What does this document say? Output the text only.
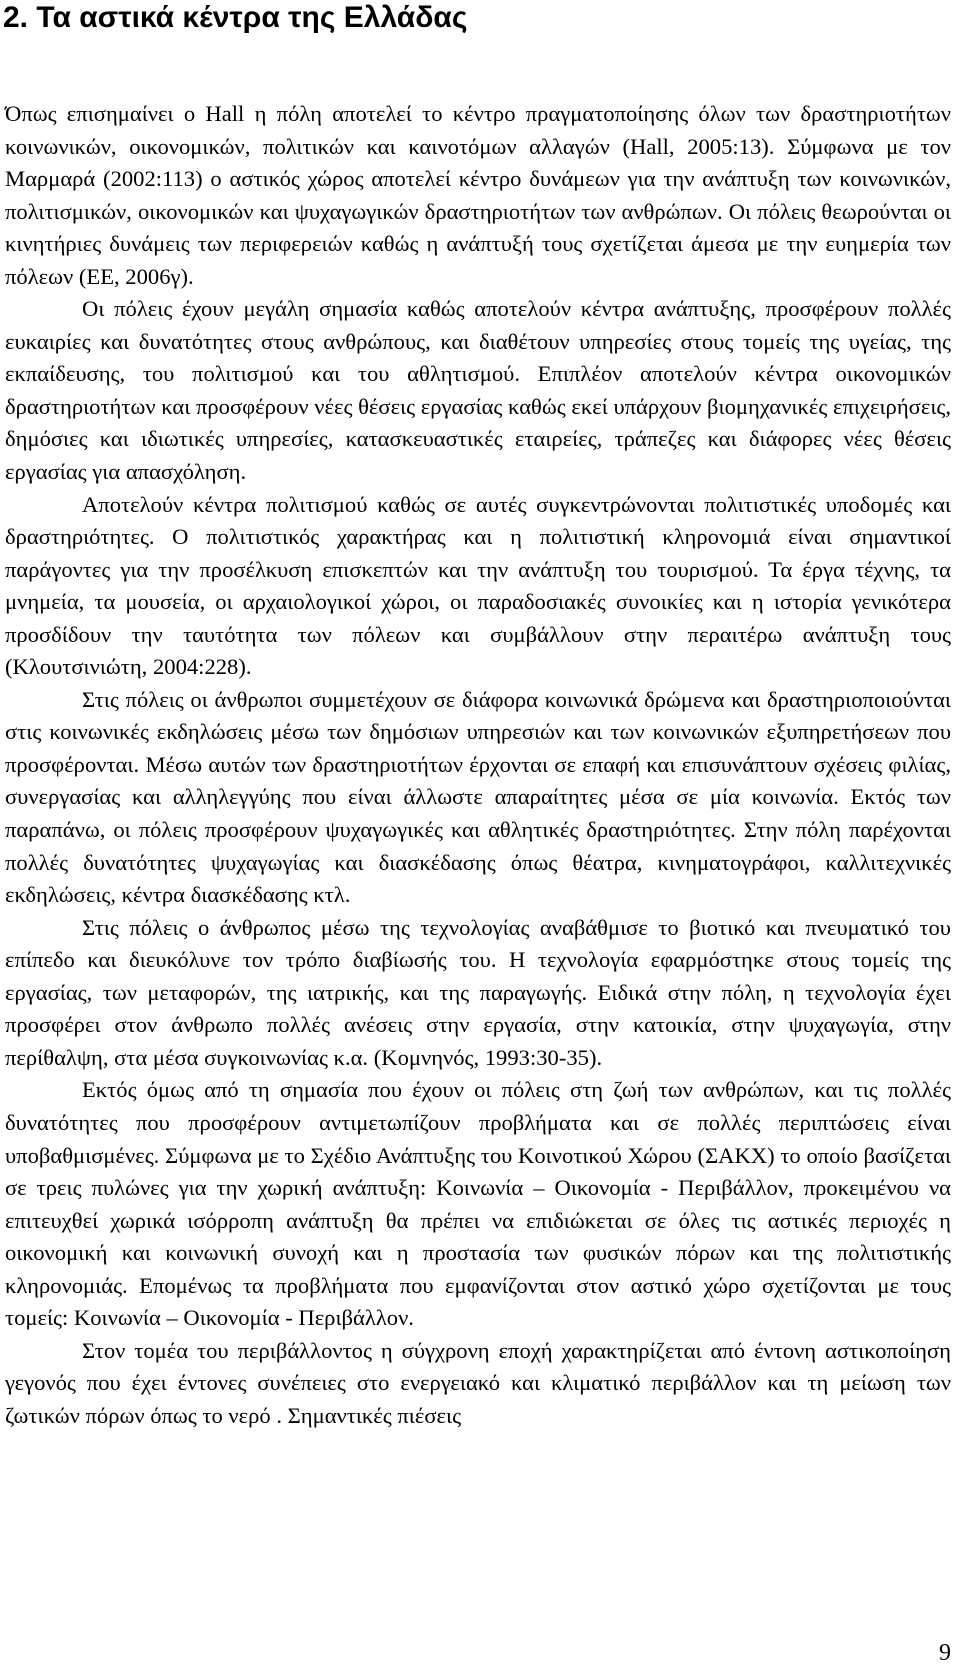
2. Τα αστικά κέντρα της Ελλάδας

Όπως επισημαίνει ο Hall η πόλη αποτελεί το κέντρο πραγματοποίησης όλων των δραστηριοτήτων κοινωνικών, οικονομικών, πολιτικών και καινοτόμων αλλαγών (Hall, 2005:13). Σύμφωνα με τον Μαρμαρά (2002:113) ο αστικός χώρος αποτελεί κέντρο δυνάμεων για την ανάπτυξη των κοινωνικών, πολιτισμικών, οικονομικών και ψυχαγωγικών δραστηριοτήτων των ανθρώπων. Οι πόλεις θεωρούνται οι κινητήριες δυνάμεις των περιφερειών καθώς η ανάπτυξή τους σχετίζεται άμεσα με την ευημερία των πόλεων (ΕΕ, 2006γ).

Οι πόλεις έχουν μεγάλη σημασία καθώς αποτελούν κέντρα ανάπτυξης, προσφέρουν πολλές ευκαιρίες και δυνατότητες στους ανθρώπους, και διαθέτουν υπηρεσίες στους τομείς της υγείας, της εκπαίδευσης, του πολιτισμού και του αθλητισμού. Επιπλέον αποτελούν κέντρα οικονομικών δραστηριοτήτων και προσφέρουν νέες θέσεις εργασίας καθώς εκεί υπάρχουν βιομηχανικές επιχειρήσεις, δημόσιες και ιδιωτικές υπηρεσίες, κατασκευαστικές εταιρείες, τράπεζες και διάφορες νέες θέσεις εργασίας για απασχόληση.

Αποτελούν κέντρα πολιτισμού καθώς σε αυτές συγκεντρώνονται πολιτιστικές υποδομές και δραστηριότητες. Ο πολιτιστικός χαρακτήρας και η πολιτιστική κληρονομιά είναι σημαντικοί παράγοντες για την προσέλκυση επισκεπτών και την ανάπτυξη του τουρισμού. Τα έργα τέχνης, τα μνημεία, τα μουσεία, οι αρχαιολογικοί χώροι, οι παραδοσιακές συνοικίες και η ιστορία γενικότερα προσδίδουν την ταυτότητα των πόλεων και συμβάλλουν στην περαιτέρω ανάπτυξη τους (Κλουτσινιώτη, 2004:228).

Στις πόλεις οι άνθρωποι συμμετέχουν σε διάφορα κοινωνικά δρώμενα και δραστηριοποιούνται στις κοινωνικές εκδηλώσεις μέσω των δημόσιων υπηρεσιών και των κοινωνικών εξυπηρετήσεων που προσφέρονται. Μέσω αυτών των δραστηριοτήτων έρχονται σε επαφή και επισυνάπτουν σχέσεις φιλίας, συνεργασίας και αλληλεγγύης που είναι άλλωστε απαραίτητες μέσα σε μία κοινωνία. Εκτός των παραπάνω, οι πόλεις προσφέρουν ψυχαγωγικές και αθλητικές δραστηριότητες. Στην πόλη παρέχονται πολλές δυνατότητες ψυχαγωγίας και διασκέδασης όπως θέατρα, κινηματογράφοι, καλλιτεχνικές εκδηλώσεις, κέντρα διασκέδασης κτλ.

Στις πόλεις ο άνθρωπος μέσω της τεχνολογίας αναβάθμισε το βιοτικό και πνευματικό του επίπεδο και διευκόλυνε τον τρόπο διαβίωσής του. Η τεχνολογία εφαρμόστηκε στους τομείς της εργασίας, των μεταφορών, της ιατρικής, και της παραγωγής. Ειδικά στην πόλη, η τεχνολογία έχει προσφέρει στον άνθρωπο πολλές ανέσεις στην εργασία, στην κατοικία, στην ψυχαγωγία, στην περίθαλψη, στα μέσα συγκοινωνίας κ.α. (Κομνηνός, 1993:30-35).

Εκτός όμως από τη σημασία που έχουν οι πόλεις στη ζωή των ανθρώπων, και τις πολλές δυνατότητες που προσφέρουν αντιμετωπίζουν προβλήματα και σε πολλές περιπτώσεις είναι υποβαθμισμένες. Σύμφωνα με το Σχέδιο Ανάπτυξης του Κοινοτικού Χώρου (ΣΑΚΧ) το οποίο βασίζεται σε τρεις πυλώνες για την χωρική ανάπτυξη: Κοινωνία – Οικονομία - Περιβάλλον, προκειμένου να επιτευχθεί χωρικά ισόρροπη ανάπτυξη θα πρέπει να επιδιώκεται σε όλες τις αστικές περιοχές η οικονομική και κοινωνική συνοχή και η προστασία των φυσικών πόρων και της πολιτιστικής κληρονομιάς. Επομένως τα προβλήματα που εμφανίζονται στον αστικό χώρο σχετίζονται με τους τομείς: Κοινωνία – Οικονομία - Περιβάλλον.

Στον τομέα του περιβάλλοντος η σύγχρονη εποχή χαρακτηρίζεται από έντονη αστικοποίηση γεγονός που έχει έντονες συνέπειες στο ενεργειακό και κλιματικό περιβάλλον και τη μείωση των ζωτικών πόρων όπως το νερό . Σημαντικές πιέσεις

9
